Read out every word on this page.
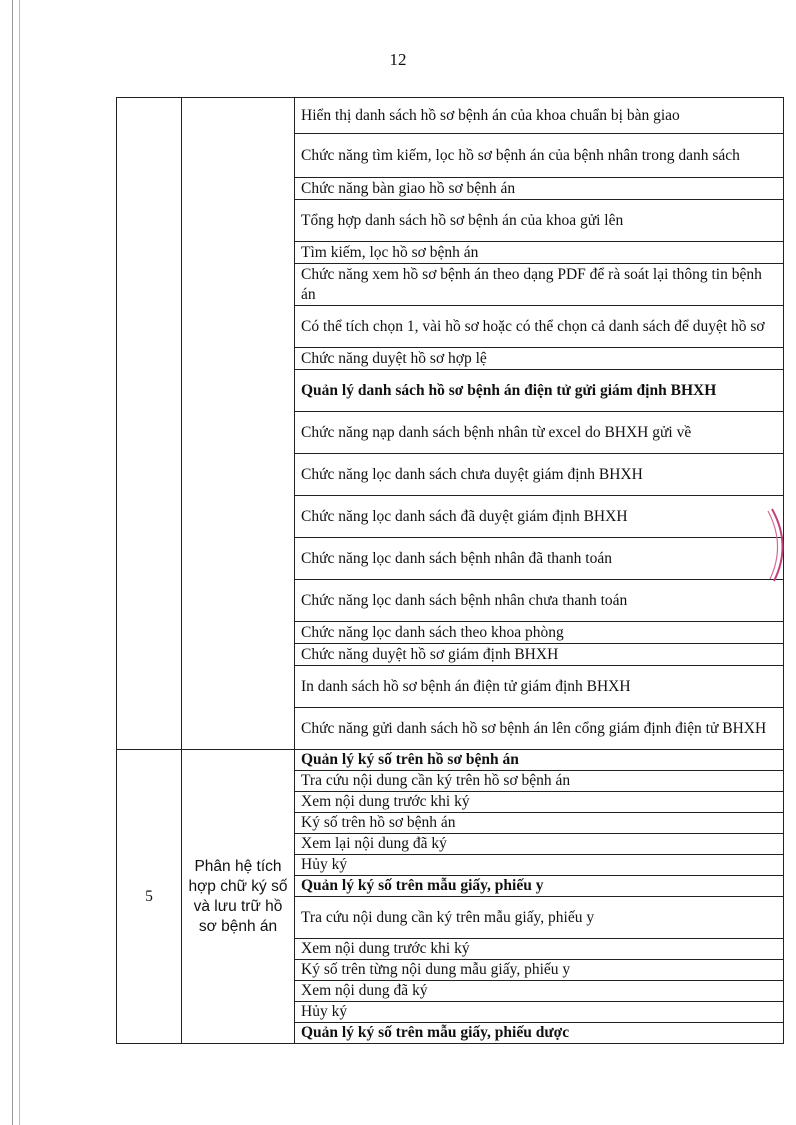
12
		Hiển thị danh sách hồ sơ bệnh án của khoa chuẩn bị bàn giao
		Chức năng tìm kiếm, lọc hồ sơ bệnh án của bệnh nhân trong danh sách
		Chức năng bàn giao hồ sơ bệnh án
		Tổng hợp danh sách hồ sơ bệnh án của khoa gửi lên
		Tìm kiếm, lọc hồ sơ bệnh án
		Chức năng xem hồ sơ bệnh án theo dạng PDF để rà soát lại thông tin bệnh án
		Có thể tích chọn 1, vài hồ sơ hoặc có thể chọn cả danh sách để duyệt hồ sơ
		Chức năng duyệt hồ sơ hợp lệ
		Quản lý danh sách hồ sơ bệnh án điện tử gửi giám định BHXH
		Chức năng nạp danh sách bệnh nhân từ excel do BHXH gửi về
		Chức năng lọc danh sách chưa duyệt giám định BHXH
		Chức năng lọc danh sách đã duyệt giám định BHXH
		Chức năng lọc danh sách bệnh nhân đã thanh toán
		Chức năng lọc danh sách bệnh nhân chưa thanh toán
		Chức năng lọc danh sách theo khoa phòng
		Chức năng duyệt hồ sơ giám định BHXH
		In danh sách hồ sơ bệnh án điện tử giám định BHXH
		Chức năng gửi danh sách hồ sơ bệnh án lên cổng giám định điện tử BHXH
5	Phân hệ tích hợp chữ ký số và lưu trữ hồ sơ bệnh án	Quản lý ký số trên hồ sơ bệnh án
		Tra cứu nội dung cần ký trên hồ sơ bệnh án
		Xem nội dung trước khi ký
		Ký số trên hồ sơ bệnh án
		Xem lại nội dung đã ký
		Hủy ký
		Quản lý ký số trên mẫu giấy, phiếu y
		Tra cứu nội dung cần ký trên mẫu giấy, phiếu y
		Xem nội dung trước khi ký
		Ký số trên từng nội dung mẫu giấy, phiếu y
		Xem nội dung đã ký
		Hủy ký
		Quản lý ký số trên mẫu giấy, phiếu dược
